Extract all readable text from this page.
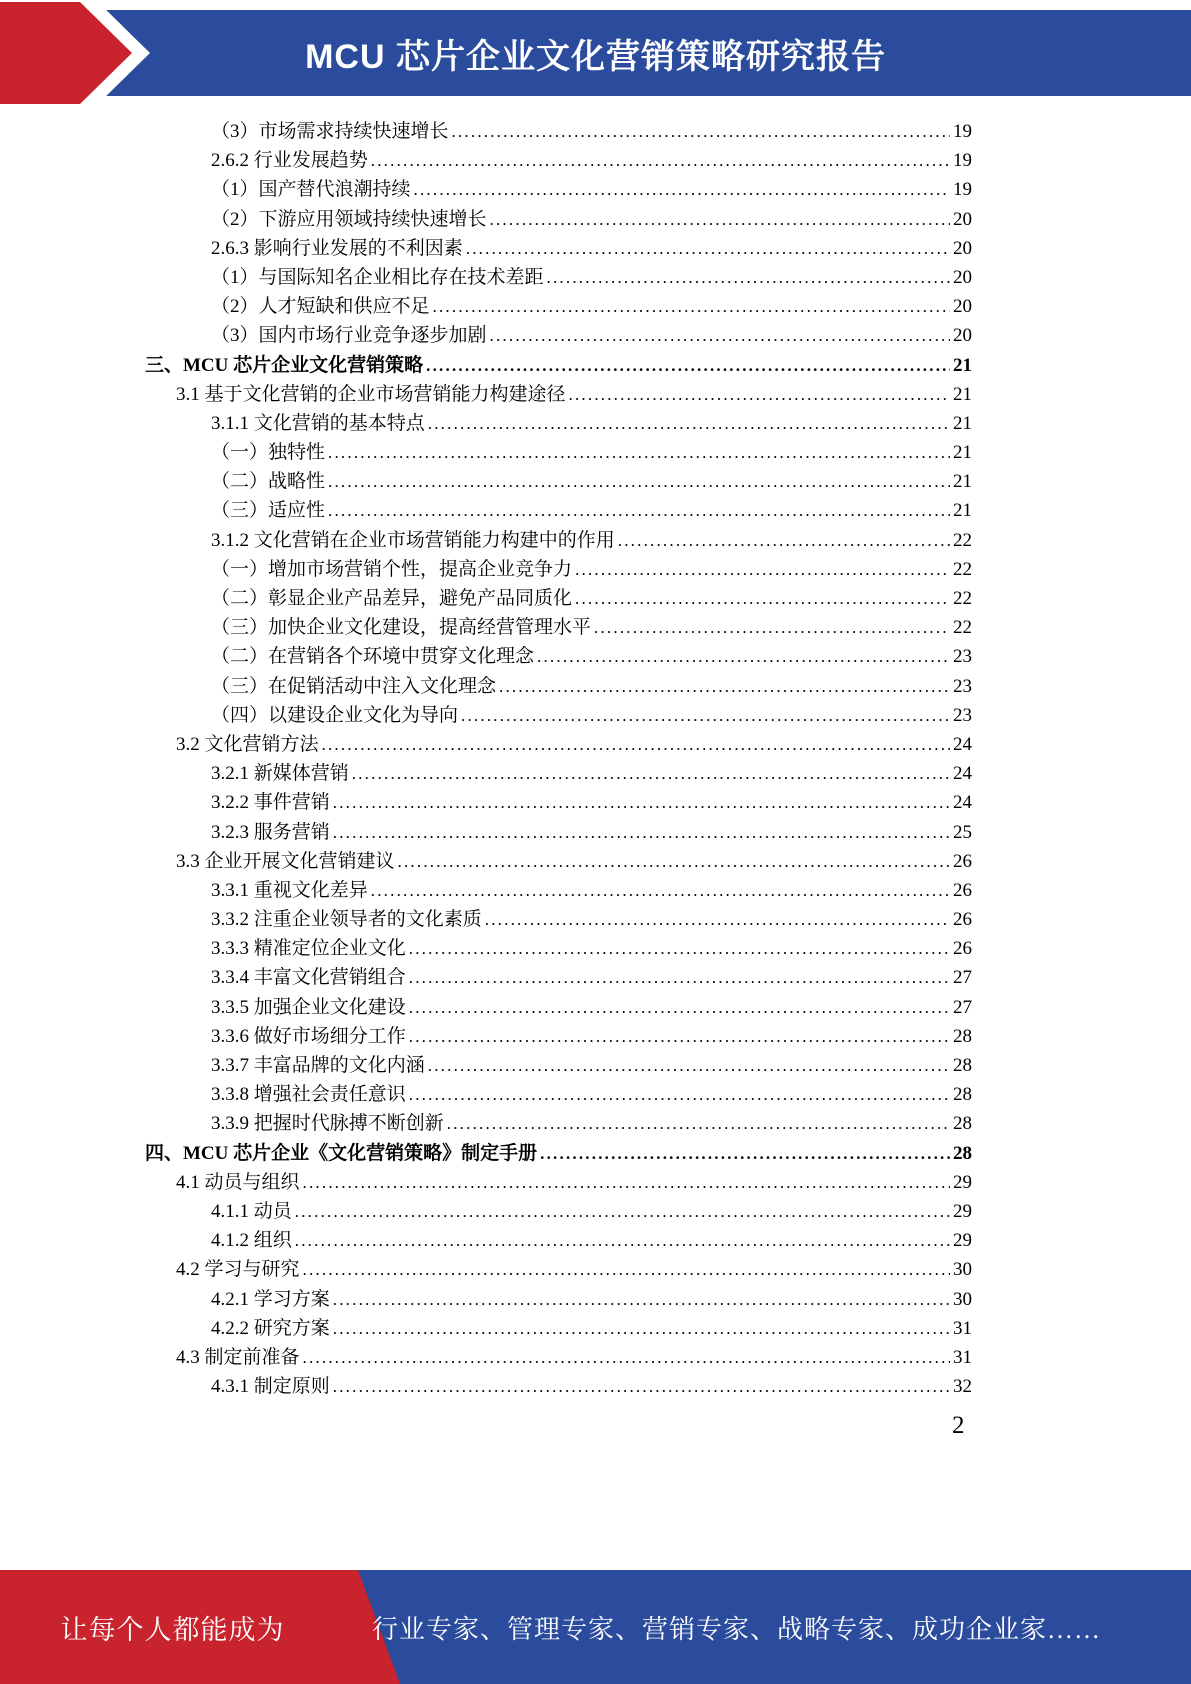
MCU 芯片企业文化营销策略研究报告
（3）市场需求持续快速增长 .....	19
2.6.2 行业发展趋势 .....	19
（1）国产替代浪潮持续 .....	19
（2）下游应用领域持续快速增长 .....	20
2.6.3 影响行业发展的不利因素 .....	20
（1）与国际知名企业相比存在技术差距 .....	20
（2）人才短缺和供应不足 .....	20
（3）国内市场行业竞争逐步加剧 .....	20
三、MCU 芯片企业文化营销策略 .....	21
3.1 基于文化营销的企业市场营销能力构建途径 .....	21
3.1.1 文化营销的基本特点 .....	21
（一）独特性 .....	21
（二）战略性 .....	21
（三）适应性 .....	21
3.1.2 文化营销在企业市场营销能力构建中的作用 .....	22
（一）增加市场营销个性，提高企业竞争力 .....	22
（二）彰显企业产品差异，避免产品同质化 .....	22
（三）加快企业文化建设，提高经营管理水平 .....	22
（二）在营销各个环境中贯穿文化理念 .....	23
（三）在促销活动中注入文化理念 .....	23
（四）以建设企业文化为导向 .....	23
3.2 文化营销方法 .....	24
3.2.1 新媒体营销 .....	24
3.2.2 事件营销 .....	24
3.2.3 服务营销 .....	25
3.3 企业开展文化营销建议 .....	26
3.3.1 重视文化差异 .....	26
3.3.2 注重企业领导者的文化素质 .....	26
3.3.3 精准定位企业文化 .....	26
3.3.4 丰富文化营销组合 .....	27
3.3.5 加强企业文化建设 .....	27
3.3.6 做好市场细分工作 .....	28
3.3.7 丰富品牌的文化内涵 .....	28
3.3.8 增强社会责任意识 .....	28
3.3.9 把握时代脉搏不断创新 .....	28
四、MCU 芯片企业《文化营销策略》制定手册 .....	28
4.1 动员与组织 .....	29
4.1.1 动员 .....	29
4.1.2 组织 .....	29
4.2 学习与研究 .....	30
4.2.1 学习方案 .....	30
4.2.2 研究方案 .....	31
4.3 制定前准备 .....	31
4.3.1 制定原则 .....	32
2
让每个人都能成为	行业专家、管理专家、营销专家、战略专家、成功企业家……
